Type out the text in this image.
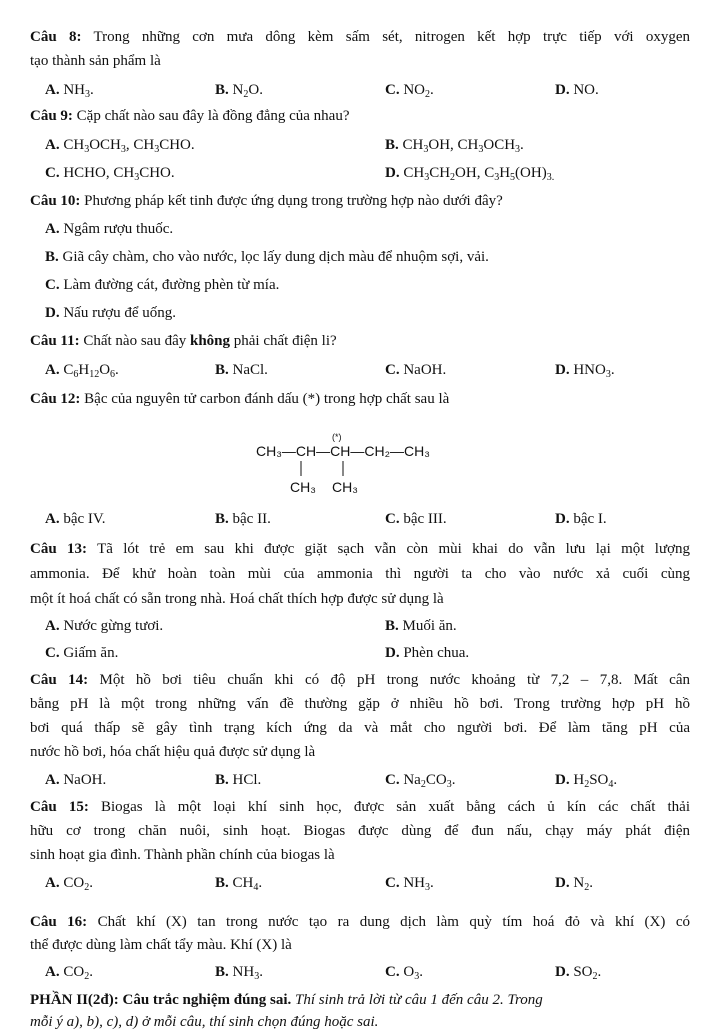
Câu 8: Trong những cơn mưa dông kèm sấm sét, nitrogen kết hợp trực tiếp với oxygen
tạo thành sản phẩm là
A. $NH_3$.	B. $N_2O$.	C. $NO_2$.	D. NO.
Câu 9: Cặp chất nào sau đây là đồng đẳng của nhau?
A. $CH_3OCH_3$, $CH_3CHO$.	B. $CH_3OH$, $CH_3OCH_3$.
C. HCHO, $CH_3CHO$.	D. $CH_3CH_2OH$, $C_3H_5(OH)_{3.}$
Câu 10: Phương pháp kết tinh được ứng dụng trong trường hợp nào dưới đây?
A. Ngâm rượu thuốc.
B. Giã cây chàm, cho vào nước, lọc lấy dung dịch màu để nhuộm sợi, vải.
C. Làm đường cát, đường phèn từ mía.
D. Nấu rượu để uống.
Câu 11: Chất nào sau đây không phải chất điện li?
A. $C_6H_{12}O_6$.	B. NaCl.	C. NaOH.	D. $HNO_3$.
Câu 12: Bậc của nguyên tử carbon đánh dấu (*) trong hợp chất sau là
CH₃—CH—CH—CH₂—CH₃
(*)
CH₃ CH₃
A. bậc IV.	B. bậc II.	C. bậc III.	D. bậc I.
Câu 13: Tã lót trẻ em sau khi được giặt sạch vẫn còn mùi khai do vẫn lưu lại một lượng
ammonia. Để khử hoàn toàn mùi của ammonia thì người ta cho vào nước xả cuối cùng
một ít hoá chất có sẵn trong nhà. Hoá chất thích hợp được sử dụng là
A. Nước gừng tươi.	B. Muối ăn.
C. Giấm ăn.	D. Phèn chua.
Câu 14: Một hồ bơi tiêu chuẩn khi có độ pH trong nước khoảng từ 7,2 – 7,8. Mất cân
bằng pH là một trong những vấn đề thường gặp ở nhiều hồ bơi. Trong trường hợp pH hồ
bơi quá thấp sẽ gây tình trạng kích ứng da và mắt cho người bơi. Để làm tăng pH của
nước hồ bơi, hóa chất hiệu quả được sử dụng là
A. NaOH.	B. HCl.	C. $Na_2CO_3$.	D. $H_2SO_4$.
Câu 15: Biogas là một loại khí sinh học, được sản xuất bằng cách ủ kín các chất thải
hữu cơ trong chăn nuôi, sinh hoạt. Biogas được dùng để đun nấu, chạy máy phát điện
sinh hoạt gia đình. Thành phần chính của biogas là
A. $CO_2$.	B. $CH_4$.	C. $NH_3$.	D. $N_2$.
Câu 16: Chất khí (X) tan trong nước tạo ra dung dịch làm quỳ tím hoá đỏ và khí (X) có
thể được dùng làm chất tẩy màu. Khí (X) là
A. $CO_2$.	B. $NH_3$.	C. $O_3$.	D. $SO_2$.
PHẦN II(2đ): Câu trắc nghiệm đúng sai. Thí sinh trả lời từ câu 1 đến câu 2. Trong
mỗi ý a), b), c), d) ở mỗi câu, thí sinh chọn đúng hoặc sai.
